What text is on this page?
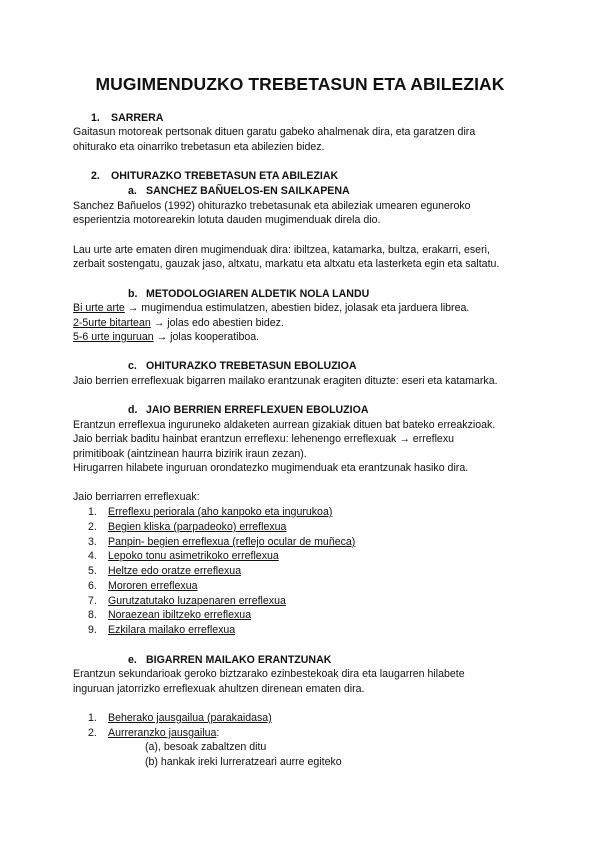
MUGIMENDUZKO TREBETASUN ETA ABILEZIAK
1. SARRERA
Gaitasun motoreak pertsonak dituen garatu gabeko ahalmenak dira, eta garatzen dira
ohiturako eta oinarriko trebetasun eta abilezien bidez.
2. OHITURAZKO TREBETASUN ETA ABILEZIAK
a. SANCHEZ BAÑUELOS-EN SAILKAPENA
Sanchez Bañuelos (1992) ohiturazko trebetasunak eta abileziak umearen eguneroko
esperientzia motorearekin lotuta dauden mugimenduak direla dio.
Lau urte arte ematen diren mugimenduak dira: ibiltzea, katamarka, bultza, erakarri, eseri,
zerbait sostengatu, gauzak jaso, altxatu, markatu eta altxatu eta lasterketa egin eta saltatu.
b. METODOLOGIAREN ALDETIK NOLA LANDU
Bi urte arte → mugimendua estimulatzen, abestien bidez, jolasak eta jarduera librea.
2-5urte bitartean → jolas edo abestien bidez.
5-6 urte inguruan → jolas kooperatiboa.
c. OHITURAZKO TREBETASUN EBOLUZIOA
Jaio berrien erreflexuak bigarren mailako erantzunak eragiten dituzte: eseri eta katamarka.
d. JAIO BERRIEN ERREFLEXUEN EBOLUZIOA
Erantzun erreflexua inguruneko aldaketen aurrean gizakiak dituen bat bateko erreakzioak.
Jaio berriak baditu hainbat erantzun erreflexu: lehenengo erreflexuak → erreflexu
primitiboak (aintzinean haurra bizirik iraun zezan).
Hirugarren hilabete inguruan orondatezko mugimenduak eta erantzunak hasiko dira.
Jaio berriarren erreflexuak:
1. Erreflexu periorala (aho kanpoko eta ingurukoa)
2. Begien kliska (parpadeoko) erreflexua
3. Panpin- begien erreflexua (reflejo ocular de muñeca)
4. Lepoko tonu asimetrikoko erreflexua
5. Heltze edo oratze erreflexua
6. Mororen erreflexua
7. Gurutzatutako luzapenaren erreflexua
8. Noraezean ibiltzeko erreflexua
9. Ezkilara mailako erreflexua
e. BIGARREN MAILAKO ERANTZUNAK
Erantzun sekundarioak geroko biztzarako ezinbestekoak dira eta laugarren hilabete
inguruan jatorrizko erreflexuak ahultzen direnean ematen dira.
1. Beherako jausgailua (parakaidasa)
2. Aurreranzko jausgailua:
(a), besoak zabaltzen ditu
(b) hankak ireki lurreratzeari aurre egiteko
